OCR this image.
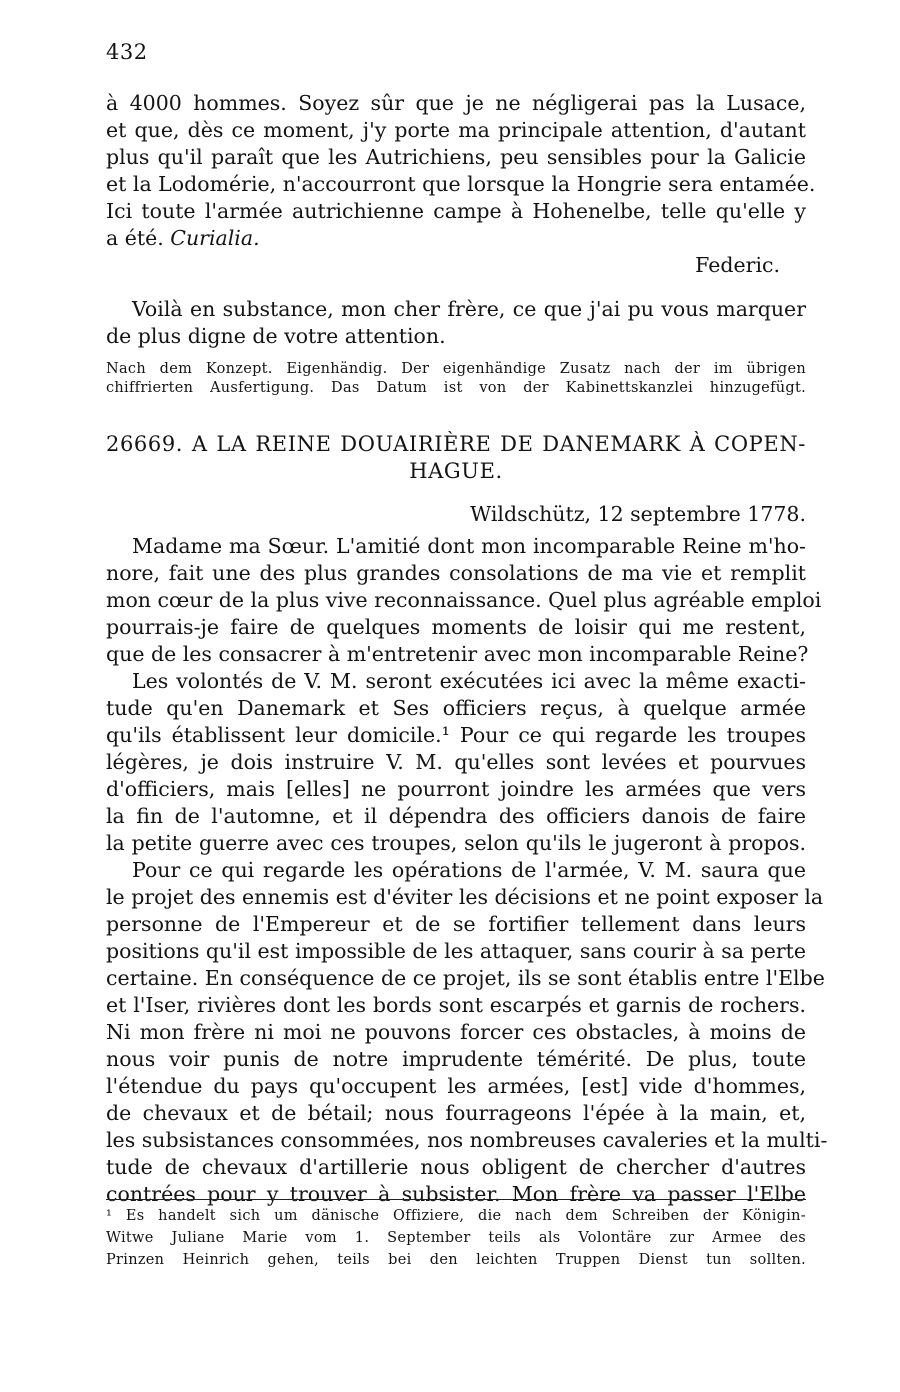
432
à 4000 hommes. Soyez sûr que je ne négligerai pas la Lusace,
et que, dès ce moment, j'y porte ma principale attention, d'autant
plus qu'il paraît que les Autrichiens, peu sensibles pour la Galicie
et la Lodomérie, n'accourront que lorsque la Hongrie sera entamée.
Ici toute l'armée autrichienne campe à Hohenelbe, telle qu'elle y
a été. Curialia.
Federic.
Voilà en substance, mon cher frère, ce que j'ai pu vous marquer
de plus digne de votre attention.
Nach dem Konzept. Eigenhändig. Der eigenhändige Zusatz nach der im übrigen
chiffrierten Ausfertigung. Das Datum ist von der Kabinettskanzlei hinzugefügt.
26669. A LA REINE DOUAIRIÈRE DE DANEMARK À COPEN-
HAGUE.
Wildschütz, 12 septembre 1778.
Madame ma Sœur. L'amitié dont mon incomparable Reine m'ho-
nore, fait une des plus grandes consolations de ma vie et remplit
mon cœur de la plus vive reconnaissance. Quel plus agréable emploi
pourrais-je faire de quelques moments de loisir qui me restent,
que de les consacrer à m'entretenir avec mon incomparable Reine?
Les volontés de V. M. seront exécutées ici avec la même exacti-
tude qu'en Danemark et Ses officiers reçus, à quelque armée
qu'ils établissent leur domicile.¹ Pour ce qui regarde les troupes
légères, je dois instruire V. M. qu'elles sont levées et pourvues
d'officiers, mais [elles] ne pourront joindre les armées que vers
la fin de l'automne, et il dépendra des officiers danois de faire
la petite guerre avec ces troupes, selon qu'ils le jugeront à propos.
Pour ce qui regarde les opérations de l'armée, V. M. saura que
le projet des ennemis est d'éviter les décisions et ne point exposer la
personne de l'Empereur et de se fortifier tellement dans leurs
positions qu'il est impossible de les attaquer, sans courir à sa perte
certaine. En conséquence de ce projet, ils se sont établis entre l'Elbe
et l'Iser, rivières dont les bords sont escarpés et garnis de rochers.
Ni mon frère ni moi ne pouvons forcer ces obstacles, à moins de
nous voir punis de notre imprudente témérité. De plus, toute
l'étendue du pays qu'occupent les armées, [est] vide d'hommes,
de chevaux et de bétail; nous fourrageons l'épée à la main, et,
les subsistances consommées, nos nombreuses cavaleries et la multi-
tude de chevaux d'artillerie nous obligent de chercher d'autres
contrées pour y trouver à subsister. Mon frère va passer l'Elbe
¹ Es handelt sich um dänische Offiziere, die nach dem Schreiben der Königin-
Witwe Juliane Marie vom 1. September teils als Volontäre zur Armee des
Prinzen Heinrich gehen, teils bei den leichten Truppen Dienst tun sollten.
